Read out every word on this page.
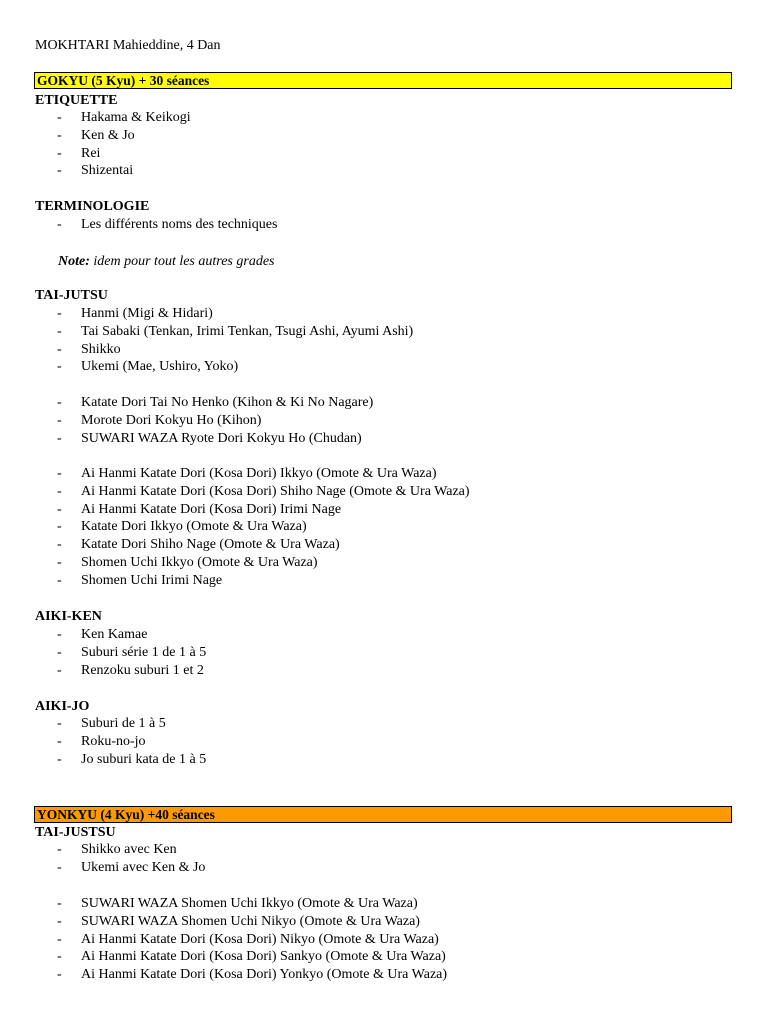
MOKHTARI Mahieddine, 4 Dan
GOKYU (5 Kyu) + 30 séances
ETIQUETTE
- Hakama & Keikogi
- Ken & Jo
- Rei
- Shizentai
TERMINOLOGIE
- Les différents noms des techniques
Note: idem pour tout les autres grades
TAI-JUTSU
- Hanmi (Migi & Hidari)
- Tai Sabaki (Tenkan, Irimi Tenkan, Tsugi Ashi, Ayumi Ashi)
- Shikko
- Ukemi (Mae, Ushiro, Yoko)
- Katate Dori Tai No Henko (Kihon & Ki No Nagare)
- Morote Dori Kokyu Ho (Kihon)
- SUWARI WAZA Ryote Dori Kokyu Ho (Chudan)
- Ai Hanmi Katate Dori (Kosa Dori) Ikkyo (Omote & Ura Waza)
- Ai Hanmi Katate Dori (Kosa Dori) Shiho Nage (Omote & Ura Waza)
- Ai Hanmi Katate Dori (Kosa Dori) Irimi Nage
- Katate Dori Ikkyo (Omote & Ura Waza)
- Katate Dori Shiho Nage (Omote & Ura Waza)
- Shomen Uchi Ikkyo (Omote & Ura Waza)
- Shomen Uchi Irimi Nage
AIKI-KEN
- Ken Kamae
- Suburi série 1 de 1 à 5
- Renzoku suburi 1 et 2
AIKI-JO
- Suburi de 1 à 5
- Roku-no-jo
- Jo suburi kata de 1 à 5
YONKYU (4 Kyu) +40 séances
TAI-JUSTSU
- Shikko avec Ken
- Ukemi avec Ken & Jo
- SUWARI WAZA Shomen Uchi Ikkyo (Omote & Ura Waza)
- SUWARI WAZA Shomen Uchi Nikyo (Omote & Ura Waza)
- Ai Hanmi Katate Dori (Kosa Dori) Nikyo (Omote & Ura Waza)
- Ai Hanmi Katate Dori (Kosa Dori) Sankyo (Omote & Ura Waza)
- Ai Hanmi Katate Dori (Kosa Dori) Yonkyo (Omote & Ura Waza)
